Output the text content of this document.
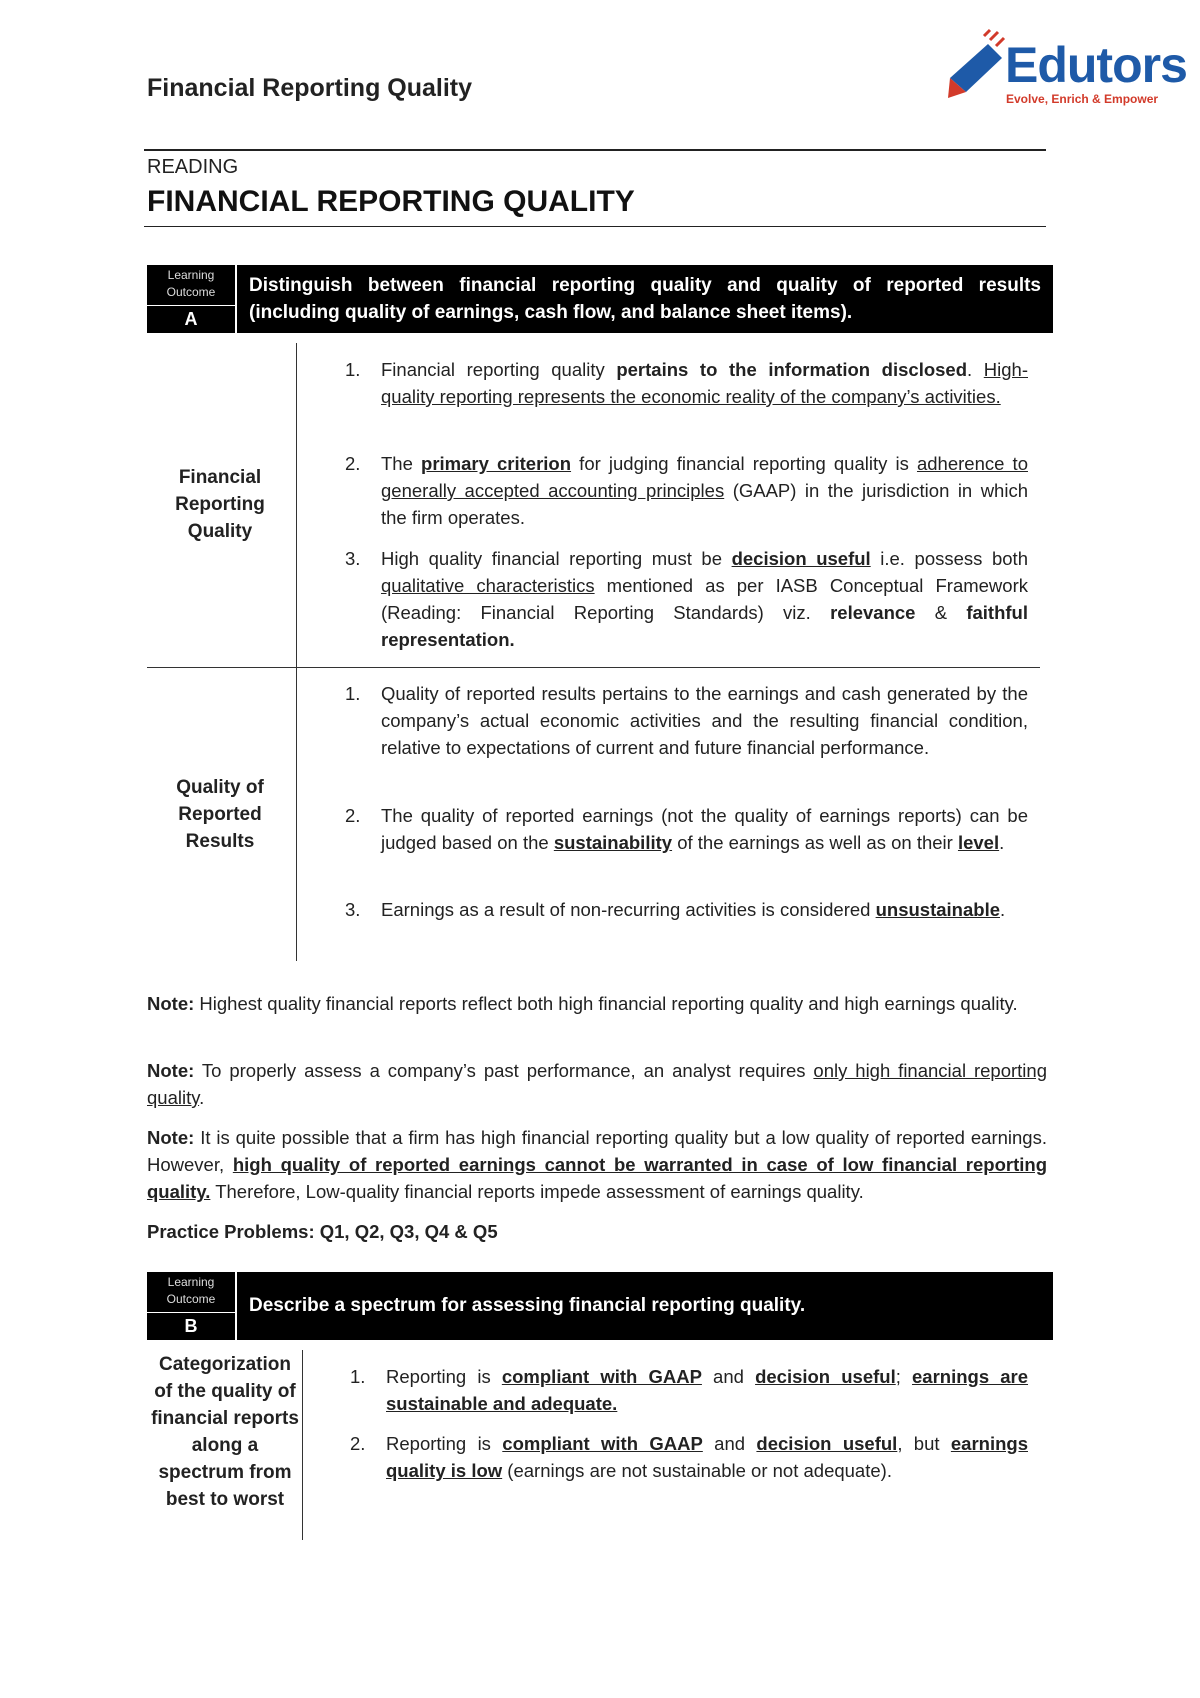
Financial Reporting Quality	Edutors
Evolve, Enrich & Empower
READING
FINANCIAL REPORTING QUALITY
Learning
Outcome
A
Distinguish between financial reporting quality and quality of reported results (including quality of earnings, cash flow, and balance sheet items).
Financial Reporting Quality
1. Financial reporting quality pertains to the information disclosed. High-quality reporting represents the economic reality of the company’s activities.
2. The primary criterion for judging financial reporting quality is adherence to generally accepted accounting principles (GAAP) in the jurisdiction in which the firm operates.
3. High quality financial reporting must be decision useful i.e. possess both qualitative characteristics mentioned as per IASB Conceptual Framework (Reading: Financial Reporting Standards) viz. relevance & faithful representation.
Quality of Reported Results
1. Quality of reported results pertains to the earnings and cash generated by the company’s actual economic activities and the resulting financial condition, relative to expectations of current and future financial performance.
2. The quality of reported earnings (not the quality of earnings reports) can be judged based on the sustainability of the earnings as well as on their level.
3. Earnings as a result of non-recurring activities is considered unsustainable.
Note: Highest quality financial reports reflect both high financial reporting quality and high earnings quality.
Note: To properly assess a company’s past performance, an analyst requires only high financial reporting quality.
Note: It is quite possible that a firm has high financial reporting quality but a low quality of reported earnings. However, high quality of reported earnings cannot be warranted in case of low financial reporting quality. Therefore, Low-quality financial reports impede assessment of earnings quality.
Practice Problems: Q1, Q2, Q3, Q4 & Q5
Learning
Outcome
B
Describe a spectrum for assessing financial reporting quality.
Categorization of the quality of financial reports along a spectrum from best to worst
1. Reporting is compliant with GAAP and decision useful; earnings are sustainable and adequate.
2. Reporting is compliant with GAAP and decision useful, but earnings quality is low (earnings are not sustainable or not adequate).
